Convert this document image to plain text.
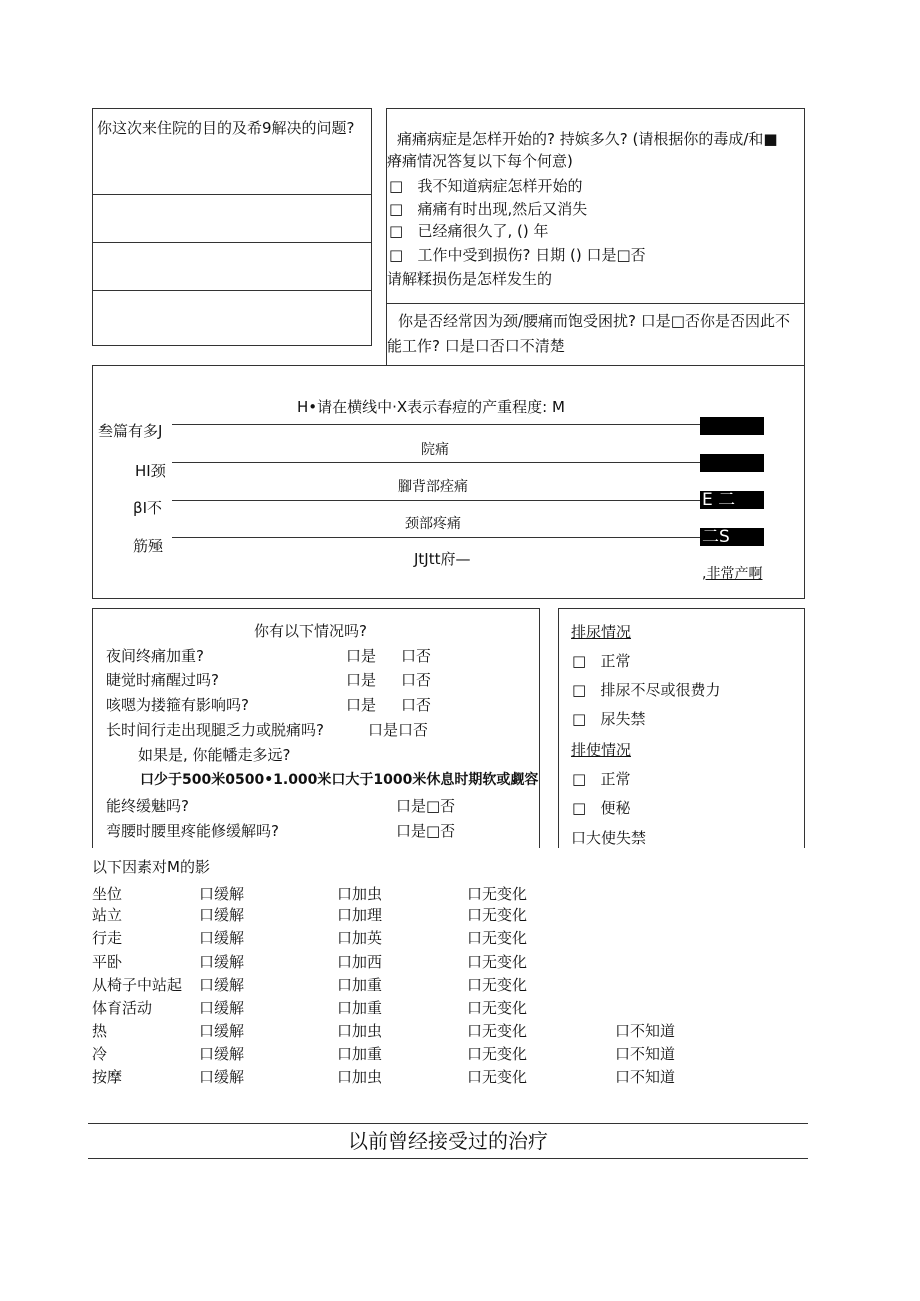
你这次来住院的目的及希9解决的问题?
痛痛病症是怎样开始的? 持嫔多久? (请根据你的毒成/和■
瘠痛情况答复以下每个何意)
□ 我不知道病症怎样开始的
□ 痛痛有时出现,然后又消失
□ 已经痛很久了, () 年
□ 工作中受到损伤? 日期 () 口是□否
请解糅损伤是怎样发生的
你是否经常因为颈/腰痛而饱受困扰? 口是□否你是否因此不
能工作? 口是口否口不清楚
H•请在横线中·X表示春痘的产重程度: M
叁篇有多J
院痛
HI颈
腳背部痊痛
βI不	E 二
颈部疼痛
筋殛	二S
JtJtt府—
,非常产啊
你有以下情况吗?
夜间终痛加重?	口是 口否
睫觉时痛醒过吗?	口是 口否
咳嗯为搂箍有影响吗?	口是 口否
长时间行走出现腿乏力或脱痛吗?	口是口否
如果是, 你能幡走多远?
口少于500米0500•1.000米口大于1000米休息时期软或觑容
能终缓魅吗?	口是□否
弯腰时腰里疼能修缓解吗?	口是□否
排尿情况
□ 正常
□ 排尿不尽或很费力
□ 尿失禁
排使情况
□ 正常
□ 便秘
口大使失禁
以下因素对M的影
坐位	口缓解	口加虫	口无变化
站立	口缓解	口加理	口无变化
行走	口缓解	口加英	口无变化
平卧	口缓解	口加西	口无变化
从椅子中站起 口缓解	口加重	口无变化
体育活动	口缓解	口加重	口无变化
热	口缓解	口加虫	口无变化	口不知道
冷	口缓解	口加重	口无变化	口不知道
按摩	口缓解	口加虫	口无变化	口不知道
以前曾经接受过的治疗
